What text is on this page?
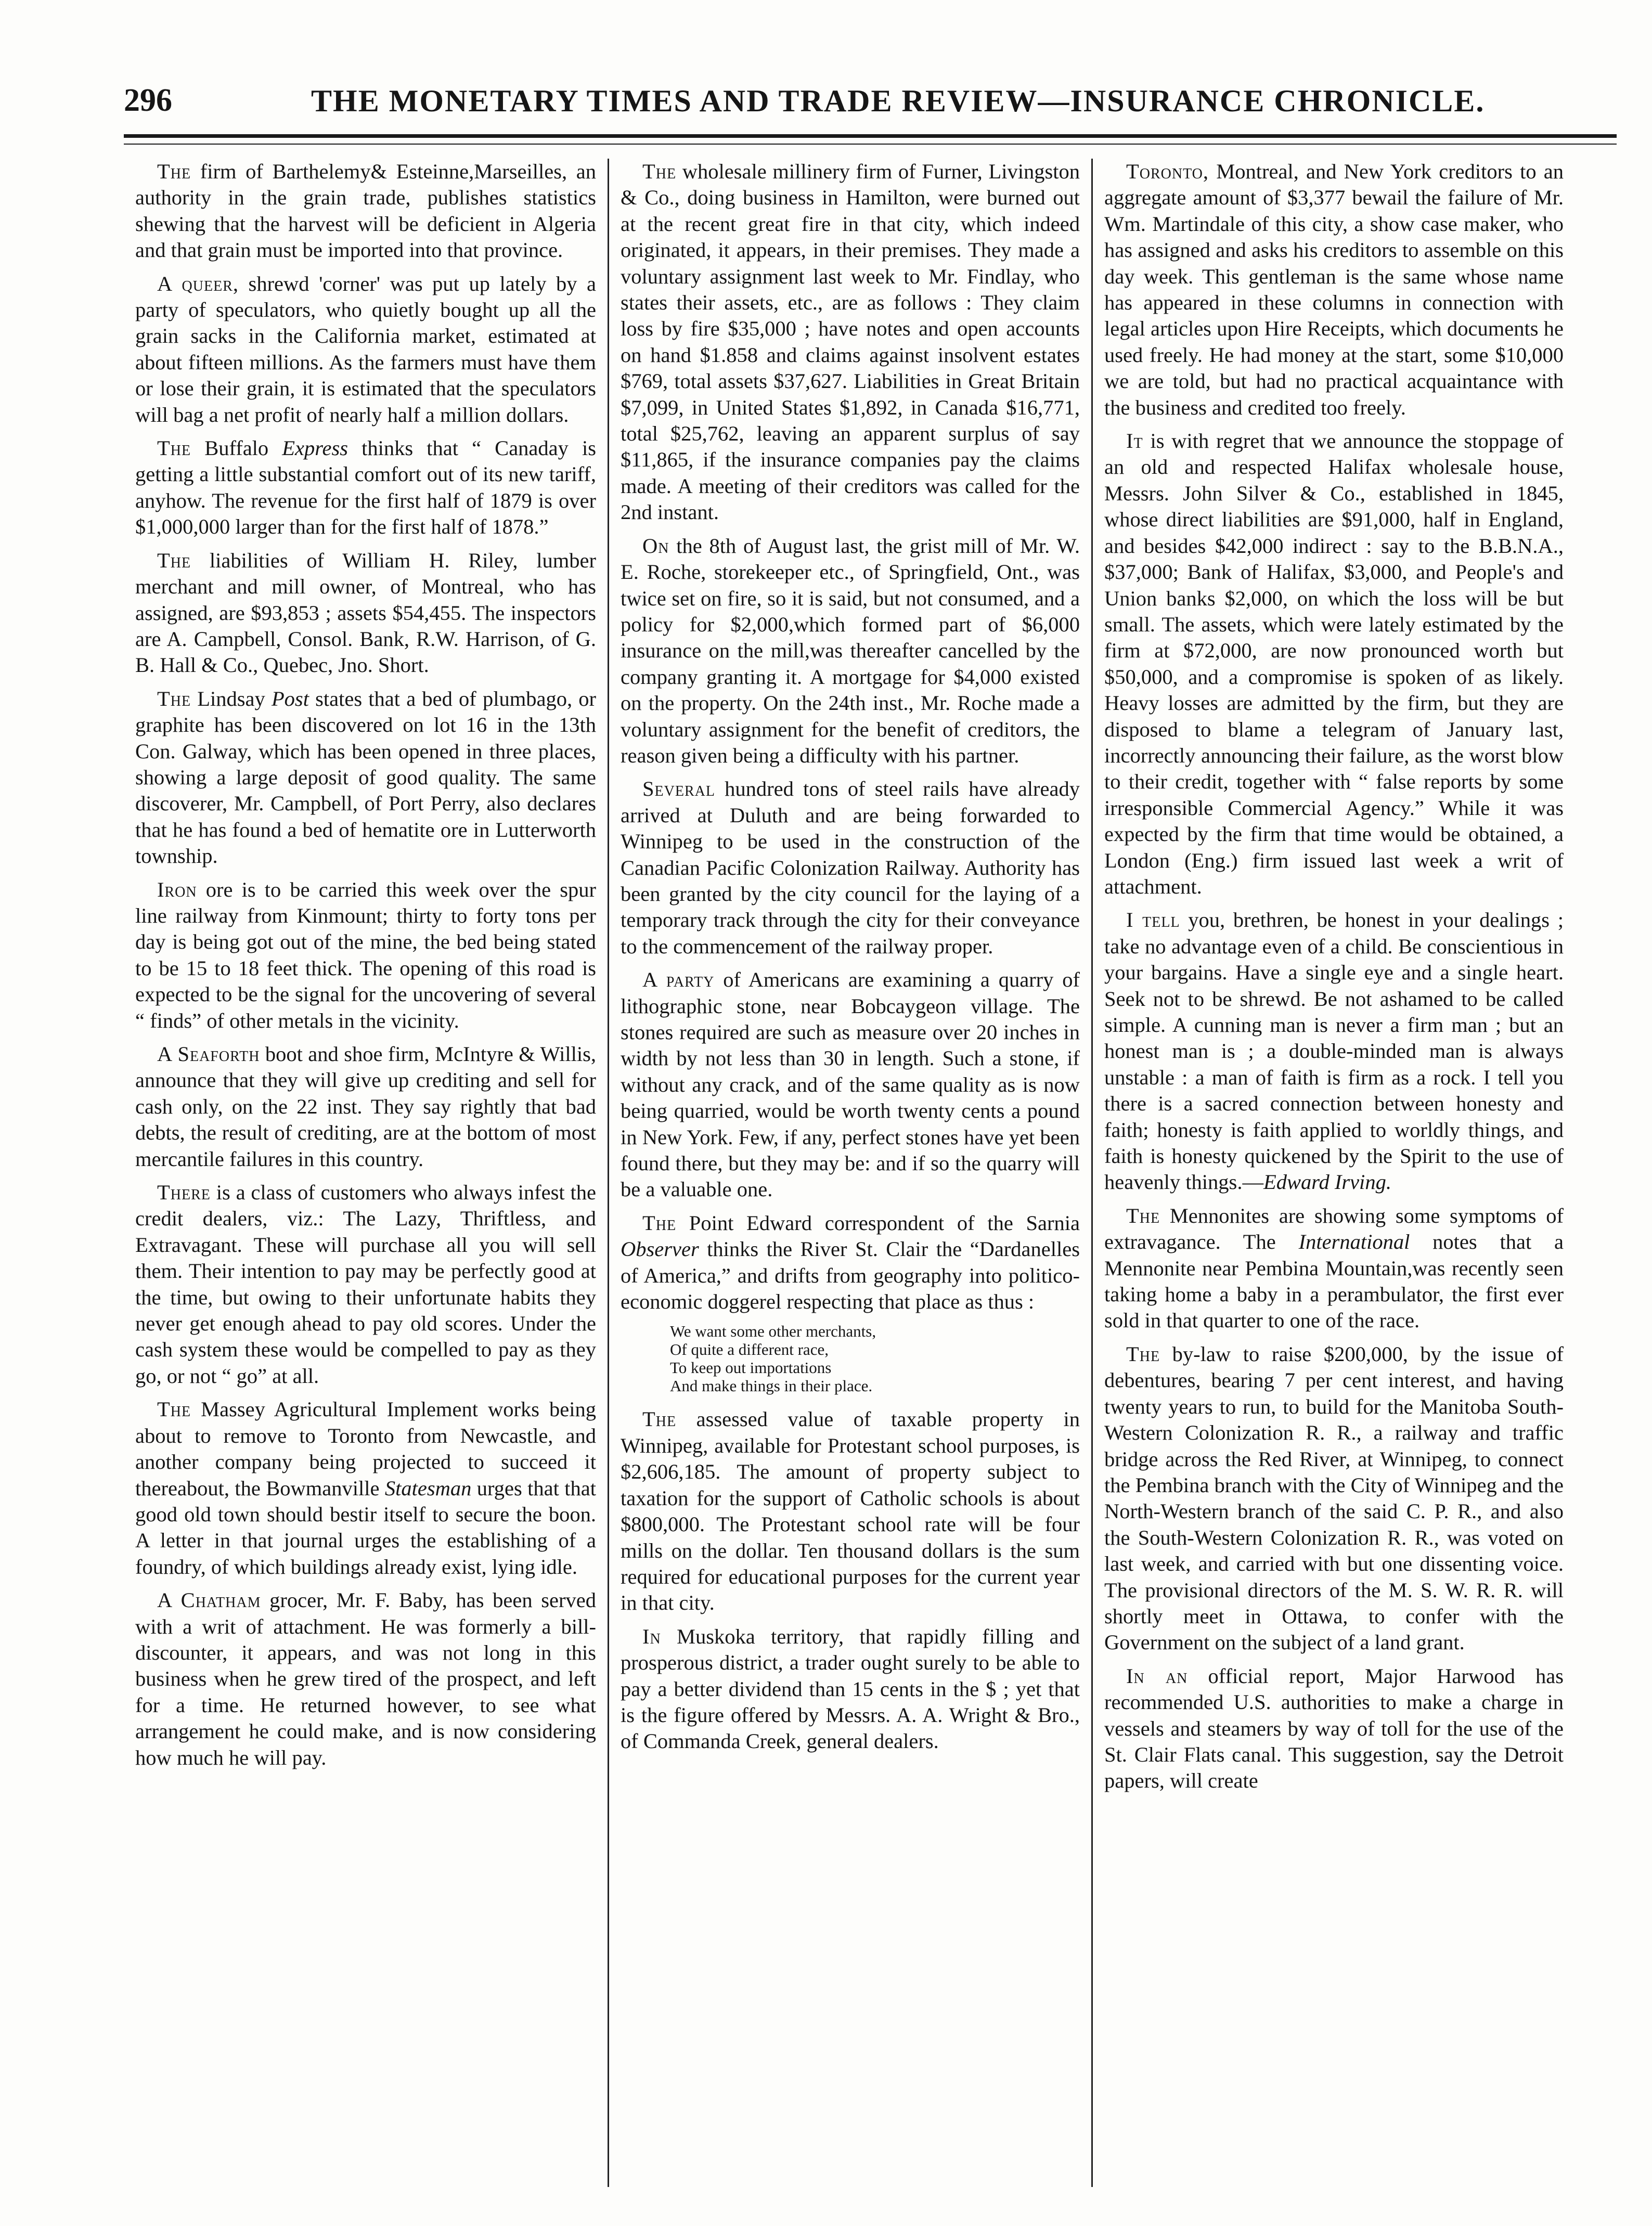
296	THE MONETARY TIMES AND TRADE REVIEW—INSURANCE CHRONICLE.

The firm of Barthelemy& Esteinne,Marseilles, an authority in the grain trade, publishes statistics shewing that the harvest will be deficient in Algeria and that grain must be imported into that province.

A queer, shrewd 'corner' was put up lately by a party of speculators, who quietly bought up all the grain sacks in the California market, estimated at about fifteen millions. As the farmers must have them or lose their grain, it is estimated that the speculators will bag a net profit of nearly half a million dollars.

The Buffalo Express thinks that “ Canaday is getting a little substantial comfort out of its new tariff, anyhow. The revenue for the first half of 1879 is over $1,000,000 larger than for the first half of 1878.”

The liabilities of William H. Riley, lumber merchant and mill owner, of Montreal, who has assigned, are $93,853 ; assets $54,455. The inspectors are A. Campbell, Consol. Bank, R.W. Harrison, of G. B. Hall & Co., Quebec, Jno. Short.

The Lindsay Post states that a bed of plumbago, or graphite has been discovered on lot 16 in the 13th Con. Galway, which has been opened in three places, showing a large deposit of good quality. The same discoverer, Mr. Campbell, of Port Perry, also declares that he has found a bed of hematite ore in Lutterworth township.

Iron ore is to be carried this week over the spur line railway from Kinmount; thirty to forty tons per day is being got out of the mine, the bed being stated to be 15 to 18 feet thick. The opening of this road is expected to be the signal for the uncovering of several “ finds” of other metals in the vicinity.

A Seaforth boot and shoe firm, McIntyre & Willis, announce that they will give up crediting and sell for cash only, on the 22 inst. They say rightly that bad debts, the result of crediting, are at the bottom of most mercantile failures in this country.

There is a class of customers who always infest the credit dealers, viz.: The Lazy, Thriftless, and Extravagant. These will purchase all you will sell them. Their intention to pay may be perfectly good at the time, but owing to their unfortunate habits they never get enough ahead to pay old scores. Under the cash system these would be compelled to pay as they go, or not “ go” at all.

The Massey Agricultural Implement works being about to remove to Toronto from Newcastle, and another company being projected to succeed it thereabout, the Bowmanville Statesman urges that that good old town should bestir itself to secure the boon. A letter in that journal urges the establishing of a foundry, of which buildings already exist, lying idle.

A Chatham grocer, Mr. F. Baby, has been served with a writ of attachment. He was formerly a bill-discounter, it appears, and was not long in this business when he grew tired of the prospect, and left for a time. He returned however, to see what arrangement he could make, and is now considering how much he will pay.

The wholesale millinery firm of Furner, Livingston & Co., doing business in Hamilton, were burned out at the recent great fire in that city, which indeed originated, it appears, in their premises. They made a voluntary assignment last week to Mr. Findlay, who states their assets, etc., are as follows : They claim loss by fire $35,000 ; have notes and open accounts on hand $1.858 and claims against insolvent estates $769, total assets $37,627. Liabilities in Great Britain $7,099, in United States $1,892, in Canada $16,771, total $25,762, leaving an apparent surplus of say $11,865, if the insurance companies pay the claims made. A meeting of their creditors was called for the 2nd instant.

On the 8th of August last, the grist mill of Mr. W. E. Roche, storekeeper etc., of Springfield, Ont., was twice set on fire, so it is said, but not consumed, and a policy for $2,000,which formed part of $6,000 insurance on the mill,was thereafter cancelled by the company granting it. A mortgage for $4,000 existed on the property. On the 24th inst., Mr. Roche made a voluntary assignment for the benefit of creditors, the reason given being a difficulty with his partner.

Several hundred tons of steel rails have already arrived at Duluth and are being forwarded to Winnipeg to be used in the construction of the Canadian Pacific Colonization Railway. Authority has been granted by the city council for the laying of a temporary track through the city for their conveyance to the commencement of the railway proper.

A party of Americans are examining a quarry of lithographic stone, near Bobcaygeon village. The stones required are such as measure over 20 inches in width by not less than 30 in length. Such a stone, if without any crack, and of the same quality as is now being quarried, would be worth twenty cents a pound in New York. Few, if any, perfect stones have yet been found there, but they may be: and if so the quarry will be a valuable one.

The Point Edward correspondent of the Sarnia Observer thinks the River St. Clair the “Dardanelles of America,” and drifts from geography into politico-economic doggerel respecting that place as thus :

We want some other merchants,
Of quite a different race,
To keep out importations
And make things in their place.

The assessed value of taxable property in Winnipeg, available for Protestant school purposes, is $2,606,185. The amount of property subject to taxation for the support of Catholic schools is about $800,000. The Protestant school rate will be four mills on the dollar. Ten thousand dollars is the sum required for educational purposes for the current year in that city.

In Muskoka territory, that rapidly filling and prosperous district, a trader ought surely to be able to pay a better dividend than 15 cents in the $ ; yet that is the figure offered by Messrs. A. A. Wright & Bro., of Commanda Creek, general dealers.

Toronto, Montreal, and New York creditors to an aggregate amount of $3,377 bewail the failure of Mr. Wm. Martindale of this city, a show case maker, who has assigned and asks his creditors to assemble on this day week. This gentleman is the same whose name has appeared in these columns in connection with legal articles upon Hire Receipts, which documents he used freely. He had money at the start, some $10,000 we are told, but had no practical acquaintance with the business and credited too freely.

It is with regret that we announce the stoppage of an old and respected Halifax wholesale house, Messrs. John Silver & Co., established in 1845, whose direct liabilities are $91,000, half in England, and besides $42,000 indirect : say to the B.B.N.A., $37,000; Bank of Halifax, $3,000, and People's and Union banks $2,000, on which the loss will be but small. The assets, which were lately estimated by the firm at $72,000, are now pronounced worth but $50,000, and a compromise is spoken of as likely. Heavy losses are admitted by the firm, but they are disposed to blame a telegram of January last, incorrectly announcing their failure, as the worst blow to their credit, together with “ false reports by some irresponsible Commercial Agency.” While it was expected by the firm that time would be obtained, a London (Eng.) firm issued last week a writ of attachment.

I tell you, brethren, be honest in your dealings ; take no advantage even of a child. Be conscientious in your bargains. Have a single eye and a single heart. Seek not to be shrewd. Be not ashamed to be called simple. A cunning man is never a firm man ; but an honest man is ; a double-minded man is always unstable : a man of faith is firm as a rock. I tell you there is a sacred connection between honesty and faith; honesty is faith applied to worldly things, and faith is honesty quickened by the Spirit to the use of heavenly things.—Edward Irving.

The Mennonites are showing some symptoms of extravagance. The International notes that a Mennonite near Pembina Mountain,was recently seen taking home a baby in a perambulator, the first ever sold in that quarter to one of the race.

The by-law to raise $200,000, by the issue of debentures, bearing 7 per cent interest, and having twenty years to run, to build for the Manitoba South-Western Colonization R. R., a railway and traffic bridge across the Red River, at Winnipeg, to connect the Pembina branch with the City of Winnipeg and the North-Western branch of the said C. P. R., and also the South-Western Colonization R. R., was voted on last week, and carried with but one dissenting voice. The provisional directors of the M. S. W. R. R. will shortly meet in Ottawa, to confer with the Government on the subject of a land grant.

In an official report, Major Harwood has recommended U.S. authorities to make a charge in vessels and steamers by way of toll for the use of the St. Clair Flats canal. This suggestion, say the Detroit papers, will create
